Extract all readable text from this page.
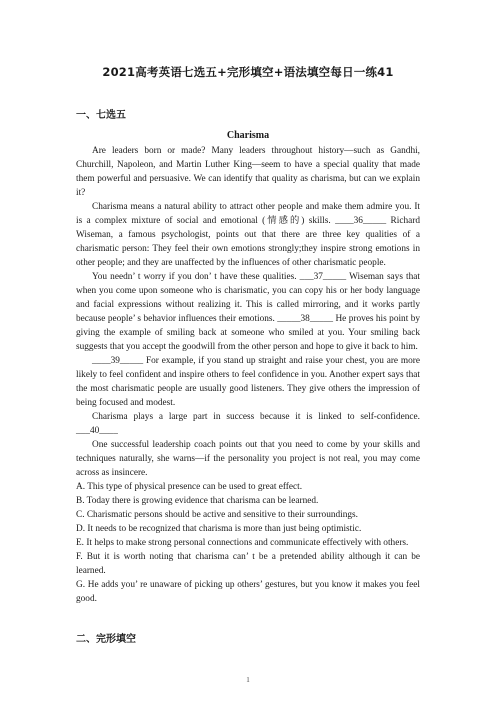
2021高考英语七选五+完形填空+语法填空每日一练41
一、七选五
Charisma

Are leaders born or made? Many leaders throughout history—such as Gandhi, Churchill, Napoleon, and Martin Luther King—seem to have a special quality that made them powerful and persuasive. We can identify that quality as charisma, but can we explain it?

Charisma means a natural ability to attract other people and make them admire you. It is a complex mixture of social and emotional (情感的) skills. ____36_____ Richard Wiseman, a famous psychologist, points out that there are three key qualities of a charismatic person: They feel their own emotions strongly;they inspire strong emotions in other people; and they are unaffected by the influences of other charismatic people.

You needn’ t worry if you don’ t have these qualities. ___37_____ Wiseman says that when you come upon someone who is charismatic, you can copy his or her body language and facial expressions without realizing it. This is called mirroring, and it works partly because people’ s behavior influences their emotions. _____38_____ He proves his point by giving the example of smiling back at someone who smiled at you. Your smiling back suggests that you accept the goodwill from the other person and hope to give it back to him.

____39_____ For example, if you stand up straight and raise your chest, you are more likely to feel confident and inspire others to feel confidence in you. Another expert says that the most charismatic people are usually good listeners. They give others the impression of being focused and modest.

Charisma plays a large part in success because it is linked to self-confidence. ___40____

One successful leadership coach points out that you need to come by your skills and techniques naturally, she warns—if the personality you project is not real, you may come across as insincere.

A. This type of physical presence can be used to great effect.

B. Today there is growing evidence that charisma can be learned.

C. Charismatic persons should be active and sensitive to their surroundings.

D. It needs to be recognized that charisma is more than just being optimistic.

E. It helps to make strong personal connections and communicate effectively with others.

F. But it is worth noting that charisma can’ t be a pretended ability although it can be learned.

G. He adds you’ re unaware of picking up others’ gestures, but you know it makes you feel good.

二、完形填空
1
